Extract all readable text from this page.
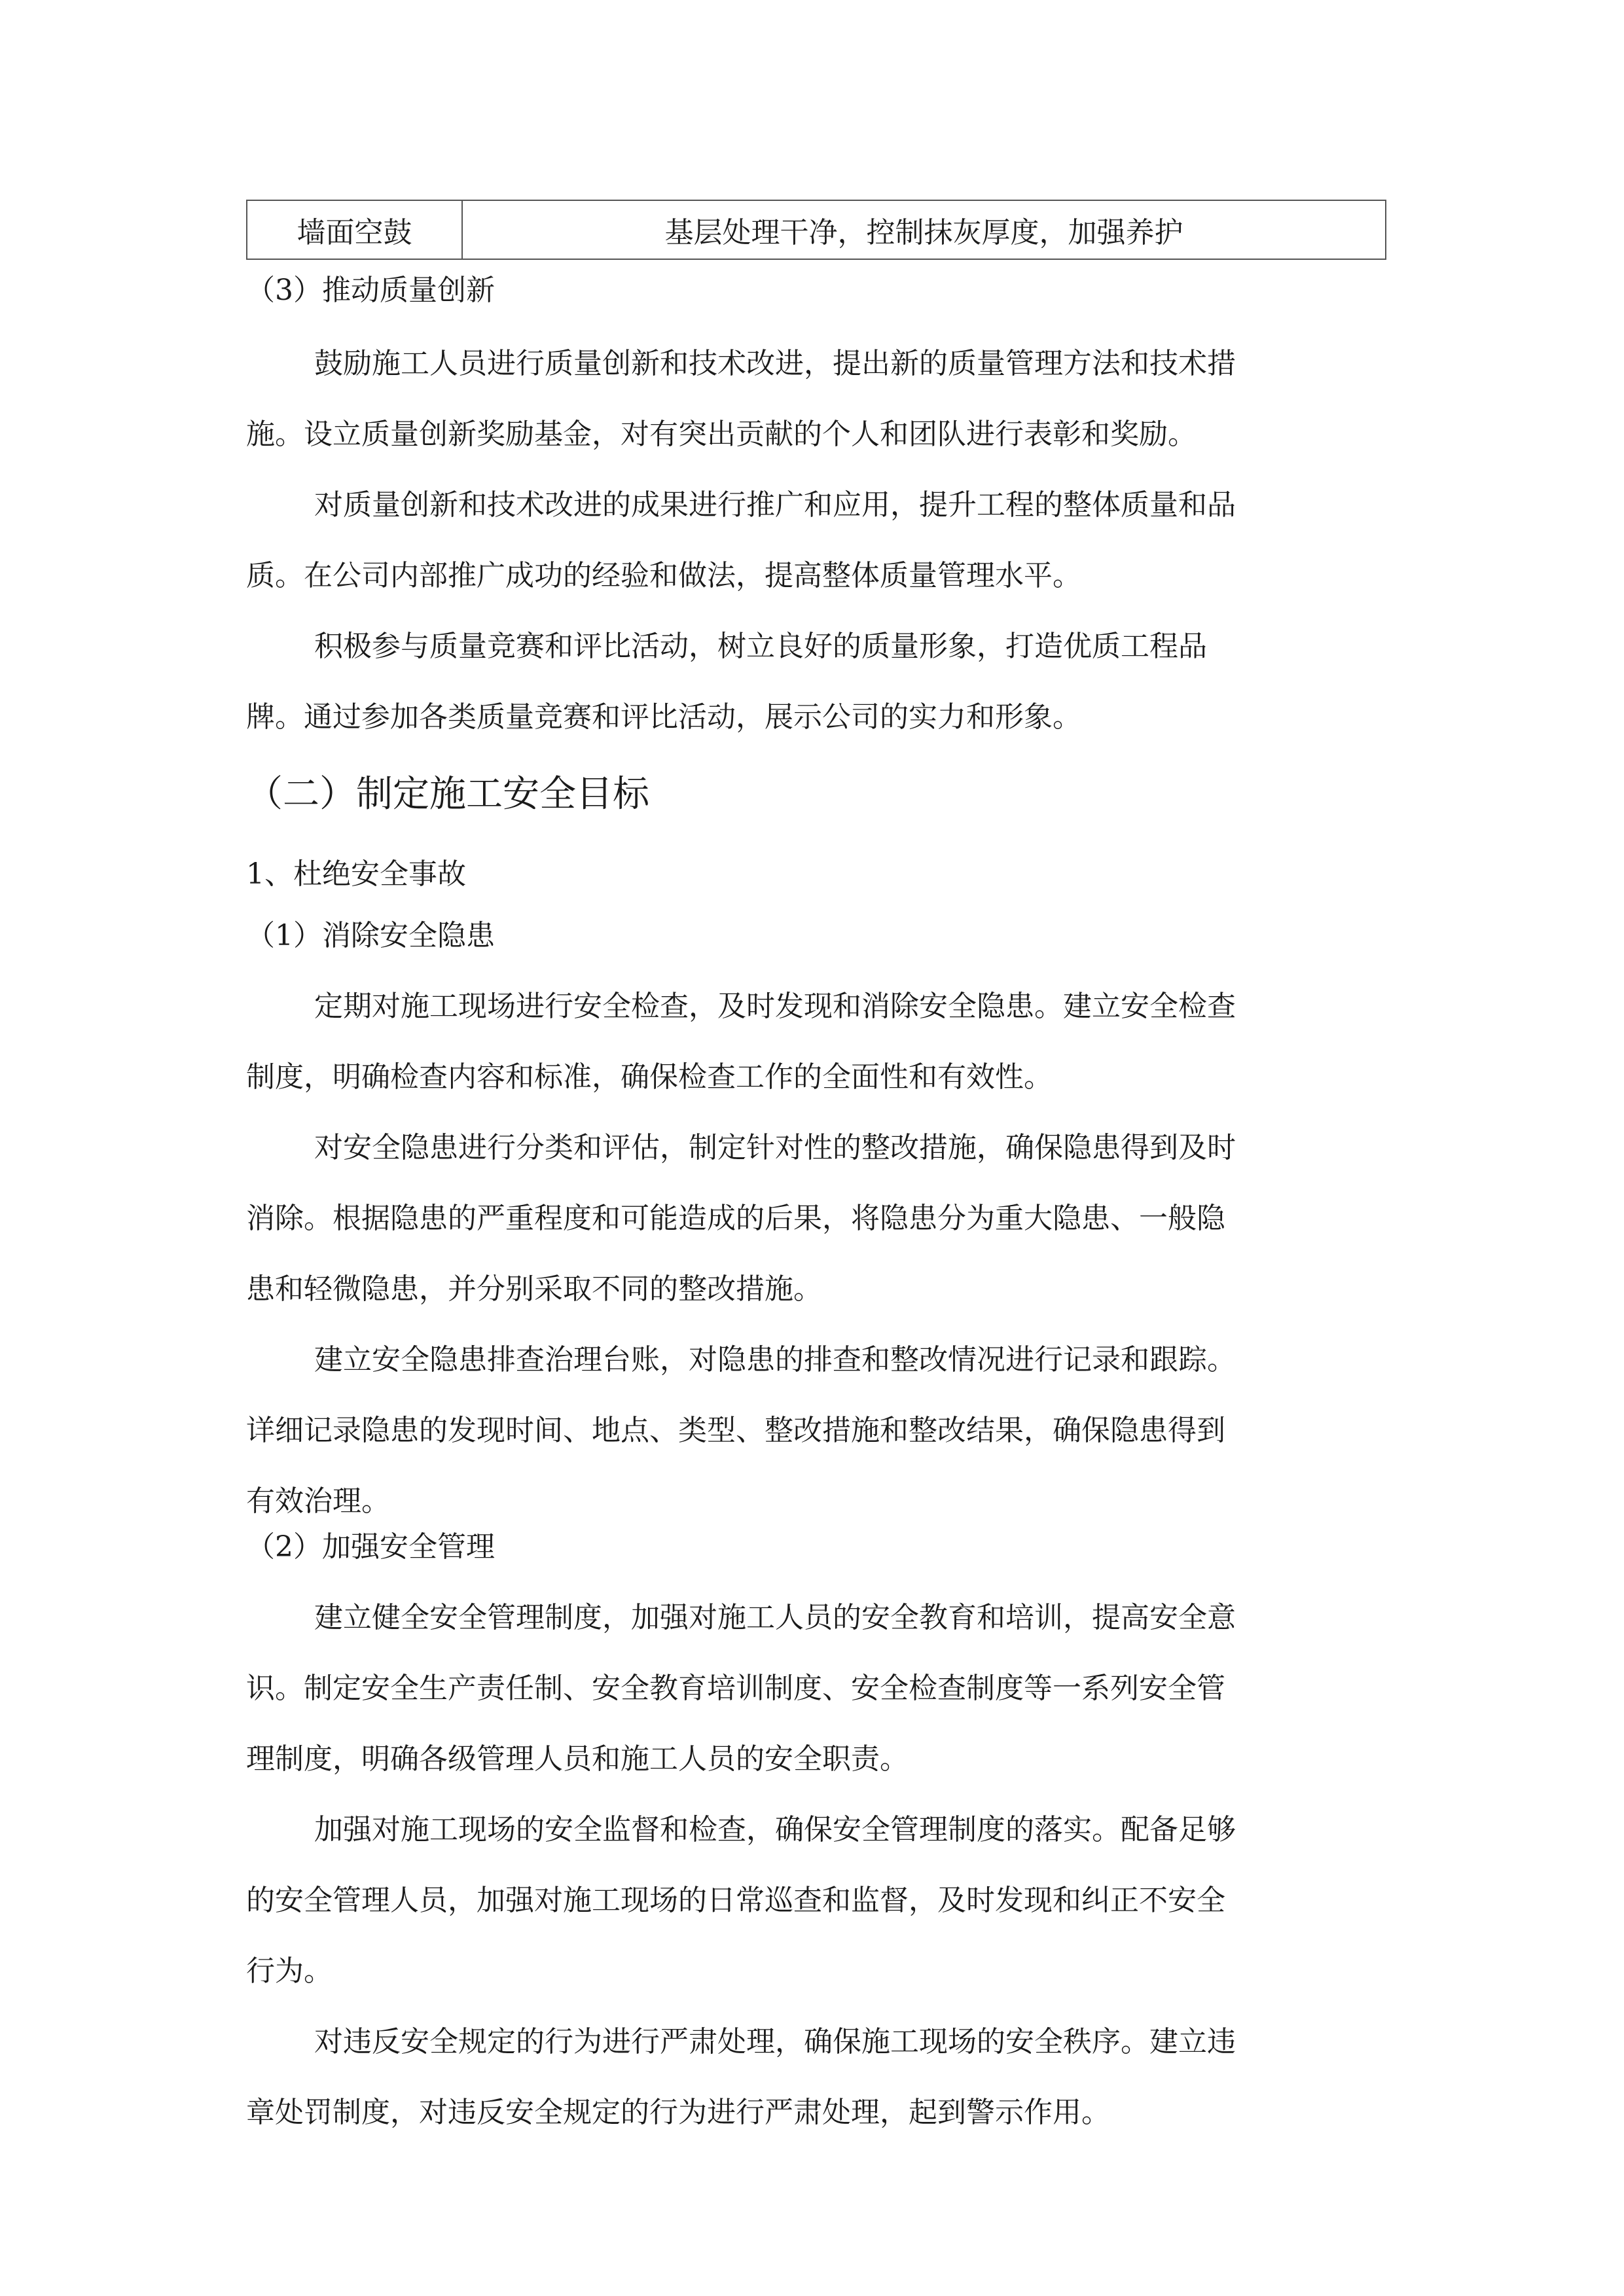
墙面空鼓	基层处理干净，控制抹灰厚度，加强养护
（3）推动质量创新
鼓励施工人员进行质量创新和技术改进，提出新的质量管理方法和技术措
施。设立质量创新奖励基金，对有突出贡献的个人和团队进行表彰和奖励。
对质量创新和技术改进的成果进行推广和应用，提升工程的整体质量和品
质。在公司内部推广成功的经验和做法，提高整体质量管理水平。
积极参与质量竞赛和评比活动，树立良好的质量形象，打造优质工程品
牌。通过参加各类质量竞赛和评比活动，展示公司的实力和形象。
（二）制定施工安全目标
1、杜绝安全事故
（1）消除安全隐患
定期对施工现场进行安全检查，及时发现和消除安全隐患。建立安全检查
制度，明确检查内容和标准，确保检查工作的全面性和有效性。
对安全隐患进行分类和评估，制定针对性的整改措施，确保隐患得到及时
消除。根据隐患的严重程度和可能造成的后果，将隐患分为重大隐患、一般隐
患和轻微隐患，并分别采取不同的整改措施。
建立安全隐患排查治理台账，对隐患的排查和整改情况进行记录和跟踪。
详细记录隐患的发现时间、地点、类型、整改措施和整改结果，确保隐患得到
有效治理。
（2）加强安全管理
建立健全安全管理制度，加强对施工人员的安全教育和培训，提高安全意
识。制定安全生产责任制、安全教育培训制度、安全检查制度等一系列安全管
理制度，明确各级管理人员和施工人员的安全职责。
加强对施工现场的安全监督和检查，确保安全管理制度的落实。配备足够
的安全管理人员，加强对施工现场的日常巡查和监督，及时发现和纠正不安全
行为。
对违反安全规定的行为进行严肃处理，确保施工现场的安全秩序。建立违
章处罚制度，对违反安全规定的行为进行严肃处理，起到警示作用。
